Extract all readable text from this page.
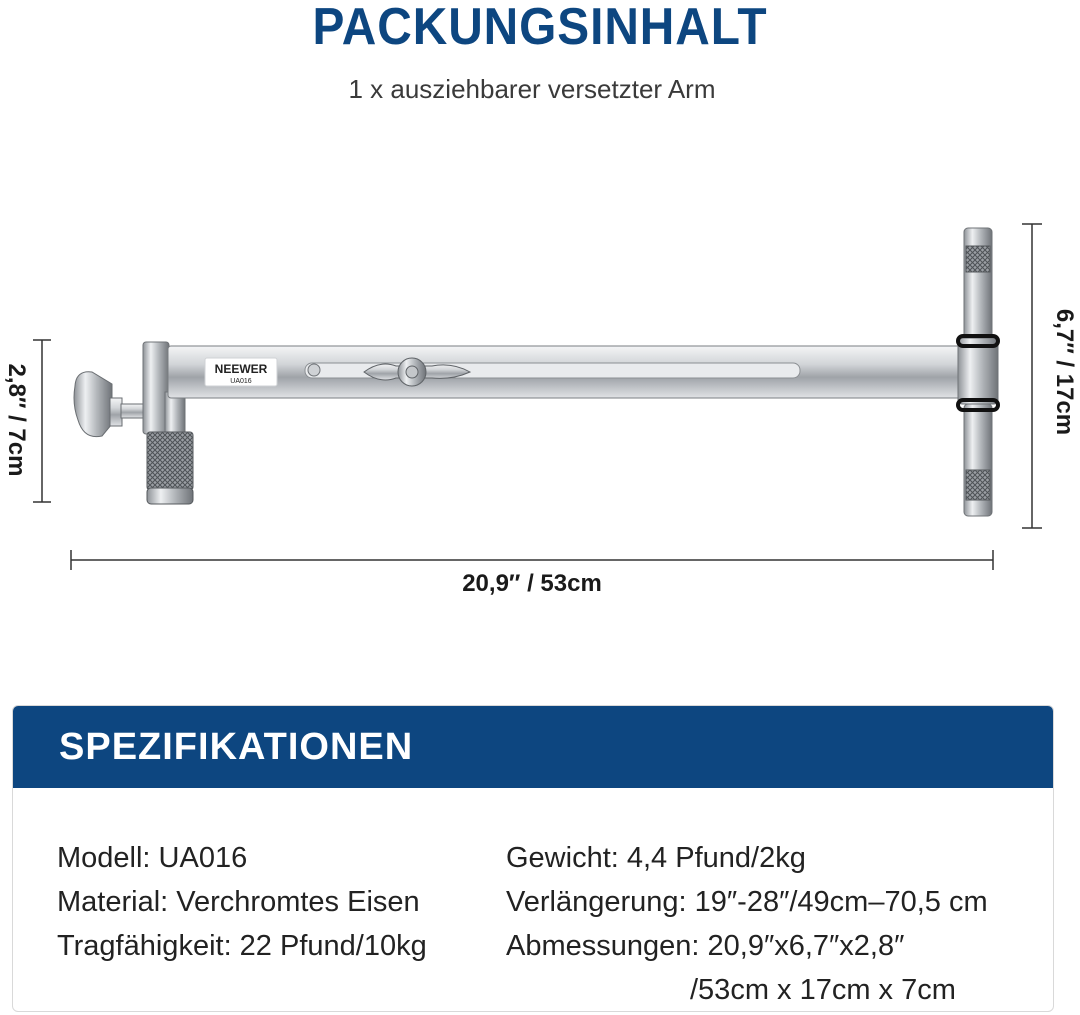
PACKUNGSINHALT
1 x ausziehbarer versetzter Arm
NEEWER
UA016
20,9″ / 53cm
2,8″ / 7cm	6,7″ / 17cm
SPEZIFIKATIONEN
Modell: UA016
Material: Verchromtes Eisen
Tragfähigkeit: 22 Pfund/10kg
Gewicht: 4,4 Pfund/2kg
Verlängerung: 19″-28″/49cm–70,5 cm
Abmessungen: 20,9″x6,7″x2,8″
/53cm x 17cm x 7cm
